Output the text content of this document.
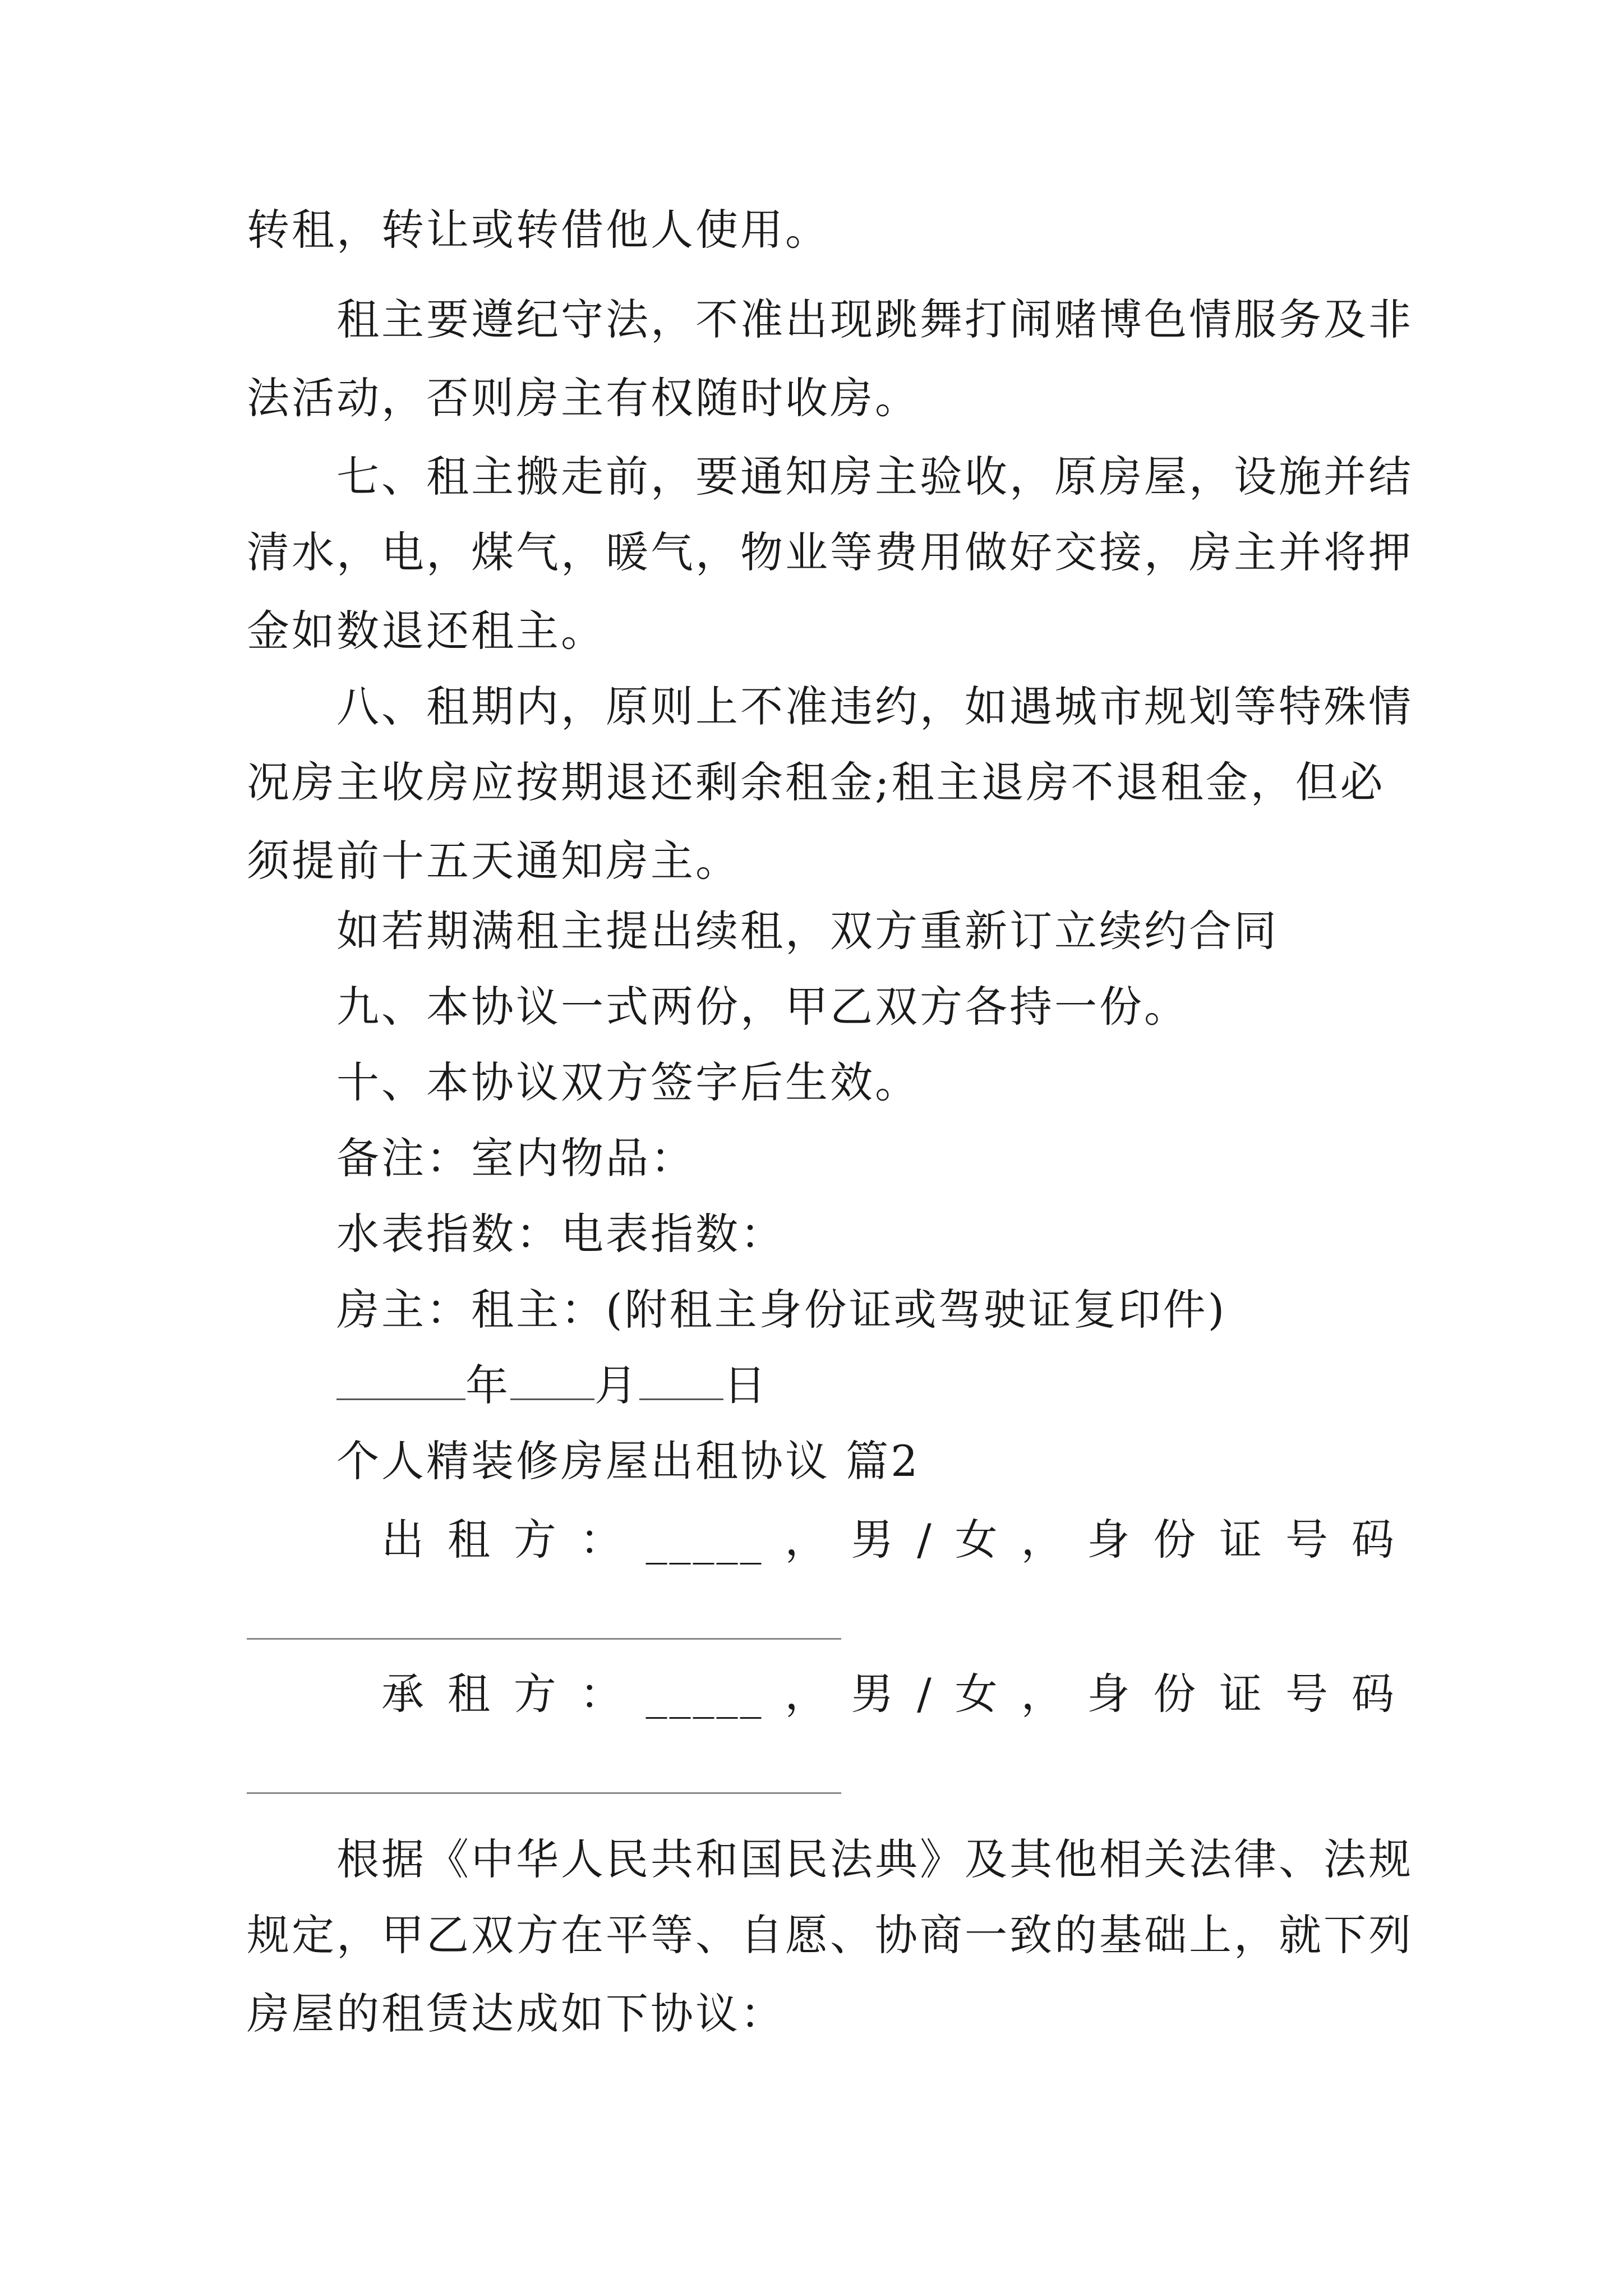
转租，转让或转借他人使用。
租主要遵纪守法，不准出现跳舞打闹赌博色情服务及非
法活动，否则房主有权随时收房。
七、租主搬走前，要通知房主验收，原房屋，设施并结
清水，电，煤气，暖气，物业等费用做好交接，房主并将押
金如数退还租主。
八、租期内，原则上不准违约，如遇城市规划等特殊情
况房主收房应按期退还剩余租金;租主退房不退租金，但必
须提前十五天通知房主。
如若期满租主提出续租，双方重新订立续约合同
九、本协议一式两份，甲乙双方各持一份。
十、本协议双方签字后生效。
备注：室内物品：
水表指数：电表指数：
房主：租主：(附租主身份证或驾驶证复印件)
年 月 日
个人精装修房屋出租协议 篇2
出 租 方 ： _____ ， 男 / 女 ， 身 份 证 号 码
承 租 方 ： _____ ， 男 / 女 ， 身 份 证 号 码
根据《中华人民共和国民法典》及其他相关法律、法规
规定，甲乙双方在平等、自愿、协商一致的基础上，就下列
房屋的租赁达成如下协议：
